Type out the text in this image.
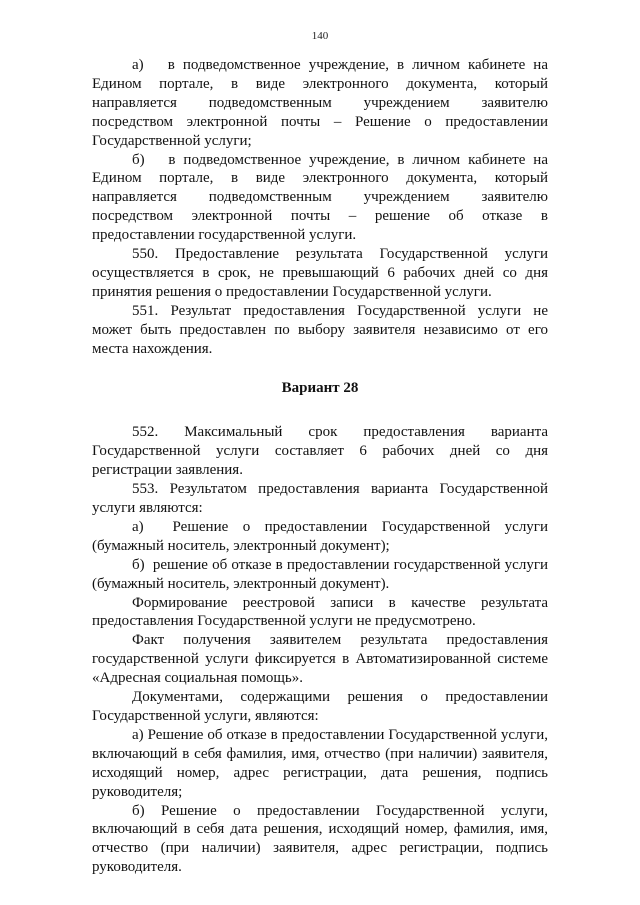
140

а)   в подведомственное учреждение, в личном кабинете на Едином портале, в виде электронного документа, который направляется подведомственным учреждением заявителю посредством электронной почты – Решение о предоставлении Государственной услуги;

б)   в подведомственное учреждение, в личном кабинете на Едином портале, в виде электронного документа, который направляется подведомственным учреждением заявителю посредством электронной почты – решение об отказе в предоставлении государственной услуги.

550. Предоставление результата Государственной услуги осуществляется в срок, не превышающий 6 рабочих дней со дня принятия решения о предоставлении Государственной услуги.

551. Результат предоставления Государственной услуги не может быть предоставлен по выбору заявителя независимо от его места нахождения.

Вариант 28

552. Максимальный срок предоставления варианта Государственной услуги составляет 6 рабочих дней со дня регистрации заявления.

553. Результатом предоставления варианта Государственной услуги являются:

а)  Решение о предоставлении Государственной услуги (бумажный носитель, электронный документ);

б)  решение об отказе в предоставлении государственной услуги (бумажный носитель, электронный документ).

Формирование реестровой записи в качестве результата предоставления Государственной услуги не предусмотрено.

Факт получения заявителем результата предоставления государственной услуги фиксируется в Автоматизированной системе «Адресная социальная помощь».

Документами, содержащими решения о предоставлении Государственной услуги, являются:

а) Решение об отказе в предоставлении Государственной услуги, включающий в себя фамилия, имя, отчество (при наличии) заявителя, исходящий номер, адрес регистрации, дата решения, подпись руководителя;

б) Решение о предоставлении Государственной услуги, включающий в себя дата решения, исходящий номер, фамилия, имя, отчество (при наличии) заявителя, адрес регистрации, подпись руководителя.
